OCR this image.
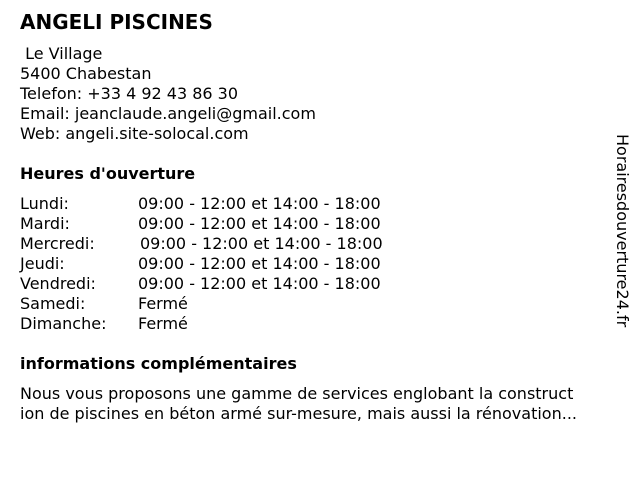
ANGELI PISCINES
Le Village
5400 Chabestan
Telefon: +33 4 92 43 86 30
Email: jeanclaude.angeli@gmail.com
Web: angeli.site-solocal.com
Heures d'ouverture
Lundi:	09:00 - 12:00 et 14:00 - 18:00
Mardi:	09:00 - 12:00 et 14:00 - 18:00
Mercredi:	09:00 - 12:00 et 14:00 - 18:00
Jeudi:	09:00 - 12:00 et 14:00 - 18:00
Vendredi:	09:00 - 12:00 et 14:00 - 18:00
Samedi:	Fermé
Dimanche: Fermé
informations complémentaires
Nous vous proposons une gamme de services englobant la construct
ion de piscines en béton armé sur-mesure, mais aussi la rénovation...
Horairesdouverture24.fr
